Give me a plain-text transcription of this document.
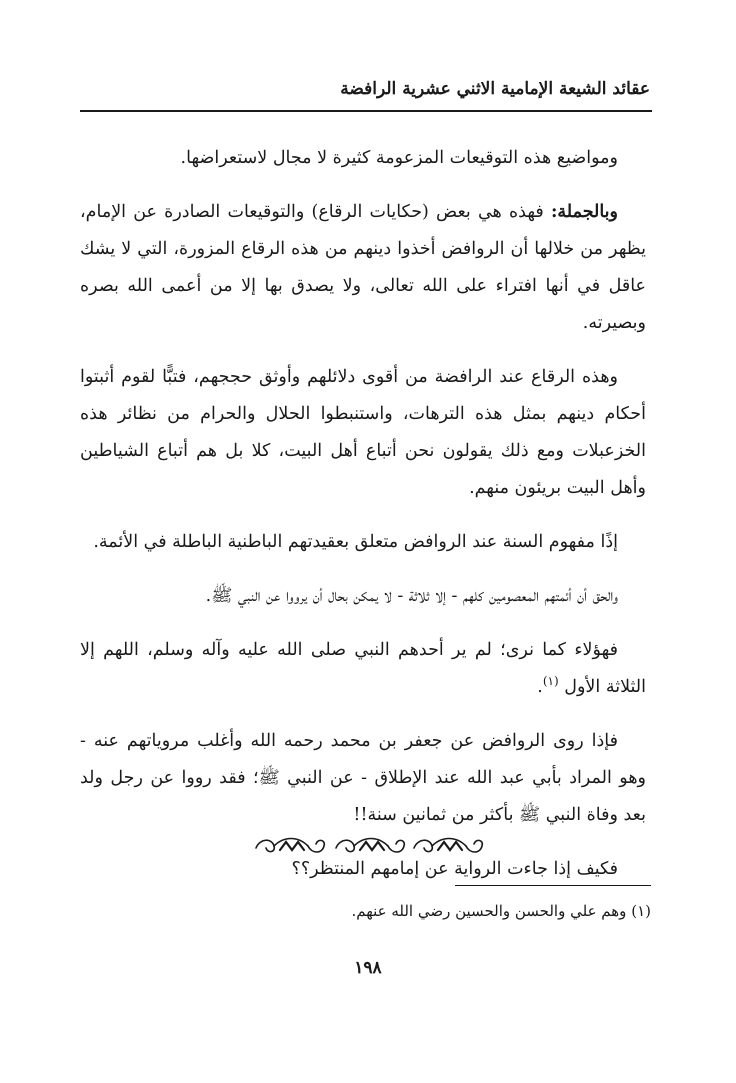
عقائد الشيعة الإمامية الاثني عشرية الرافضة

ومواضيع هذه التوقيعات المزعومة كثيرة لا مجال لاستعراضها.

وبالجملة: فهذه هي بعض (حكايات الرقاع) والتوقيعات الصادرة عن الإمام، يظهر من خلالها أن الروافض أخذوا دينهم من هذه الرقاع المزورة، التي لا يشك عاقل في أنها افتراء على الله تعالى، ولا يصدق بها إلا من أعمى الله بصره وبصيرته.

وهذه الرقاع عند الرافضة من أقوى دلائلهم وأوثق حججهم، فتبًّا لقوم أثبتوا أحكام دينهم بمثل هذه الترهات، واستنبطوا الحلال والحرام من نظائر هذه الخزعبلات ومع ذلك يقولون نحن أتباع أهل البيت، كلا بل هم أتباع الشياطين وأهل البيت بريئون منهم.

إذًا مفهوم السنة عند الروافض متعلق بعقيدتهم الباطنية الباطلة في الأئمة.

والحق أن أئمتهم المعصومين كلهم - إلا ثلاثة - لا يمكن بحال أن يرووا عن النبي ﷺ.

فهؤلاء كما نرى؛ لم ير أحدهم النبي صلى الله عليه وآله وسلم، اللهم إلا الثلاثة الأول $^{(١)}$.

فإذا روى الروافض عن جعفر بن محمد رحمه الله وأغلب مروياتهم عنه - وهو المراد بأبي عبد الله عند الإطلاق - عن النبي ﷺ؛ فقد رووا عن رجل ولد بعد وفاة النبي ﷺ بأكثر من ثمانين سنة!!

فكيف إذا جاءت الرواية عن إمامهم المنتظر؟؟

(١) وهم علي والحسن والحسين رضي الله عنهم.
١٩٨
